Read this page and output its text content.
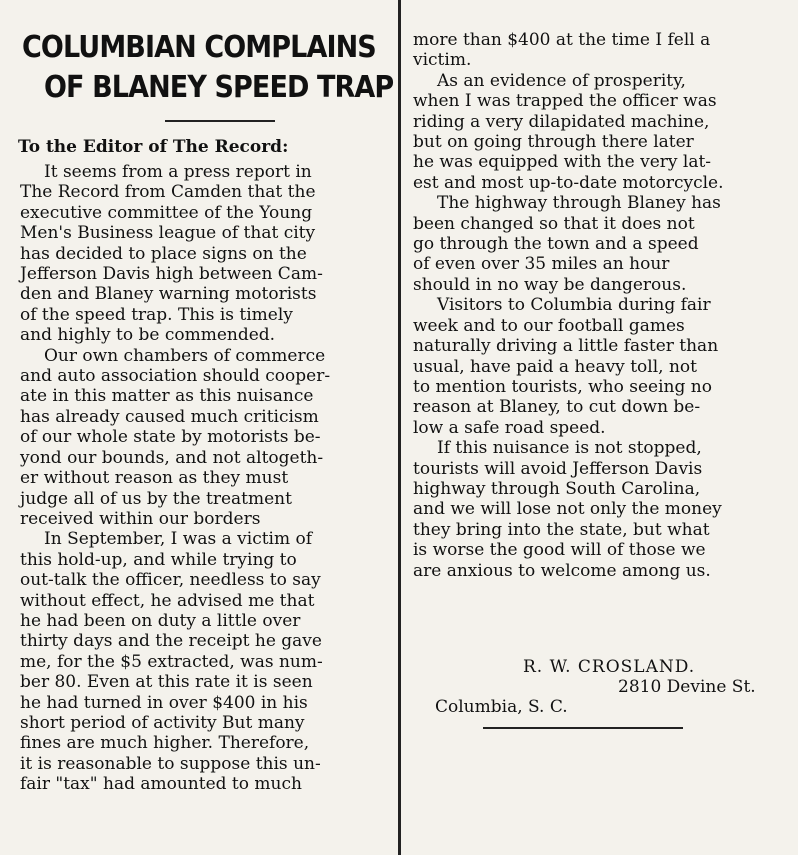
COLUMBIAN COMPLAINS
OF BLANEY SPEED TRAP
To the Editor of The Record:
It seems from a press report in
The Record from Camden that the
executive committee of the Young
Men's Business league of that city
has decided to place signs on the
Jefferson Davis high between Cam-
den and Blaney warning motorists
of the speed trap. This is timely
and highly to be commended.
Our own chambers of commerce
and auto association should cooper-
ate in this matter as this nuisance
has already caused much criticism
of our whole state by motorists be-
yond our bounds, and not altogeth-
er without reason as they must
judge all of us by the treatment
received within our borders
In September, I was a victim of
this hold-up, and while trying to
out-talk the officer, needless to say
without effect, he advised me that
he had been on duty a little over
thirty days and the receipt he gave
me, for the $5 extracted, was num-
ber 80. Even at this rate it is seen
he had turned in over $400 in his
short period of activity But many
fines are much higher. Therefore,
it is reasonable to suppose this un-
fair "tax" had amounted to much
more than $400 at the time I fell a
victim.
As an evidence of prosperity,
when I was trapped the officer was
riding a very dilapidated machine,
but on going through there later
he was equipped with the very lat-
est and most up-to-date motorcycle.
The highway through Blaney has
been changed so that it does not
go through the town and a speed
of even over 35 miles an hour
should in no way be dangerous.
Visitors to Columbia during fair
week and to our football games
naturally driving a little faster than
usual, have paid a heavy toll, not
to mention tourists, who seeing no
reason at Blaney, to cut down be-
low a safe road speed.
If this nuisance is not stopped,
tourists will avoid Jefferson Davis
highway through South Carolina,
and we will lose not only the money
they bring into the state, but what
is worse the good will of those we
are anxious to welcome among us.
R. W. CROSLAND.
2810 Devine St.
Columbia, S. C.
